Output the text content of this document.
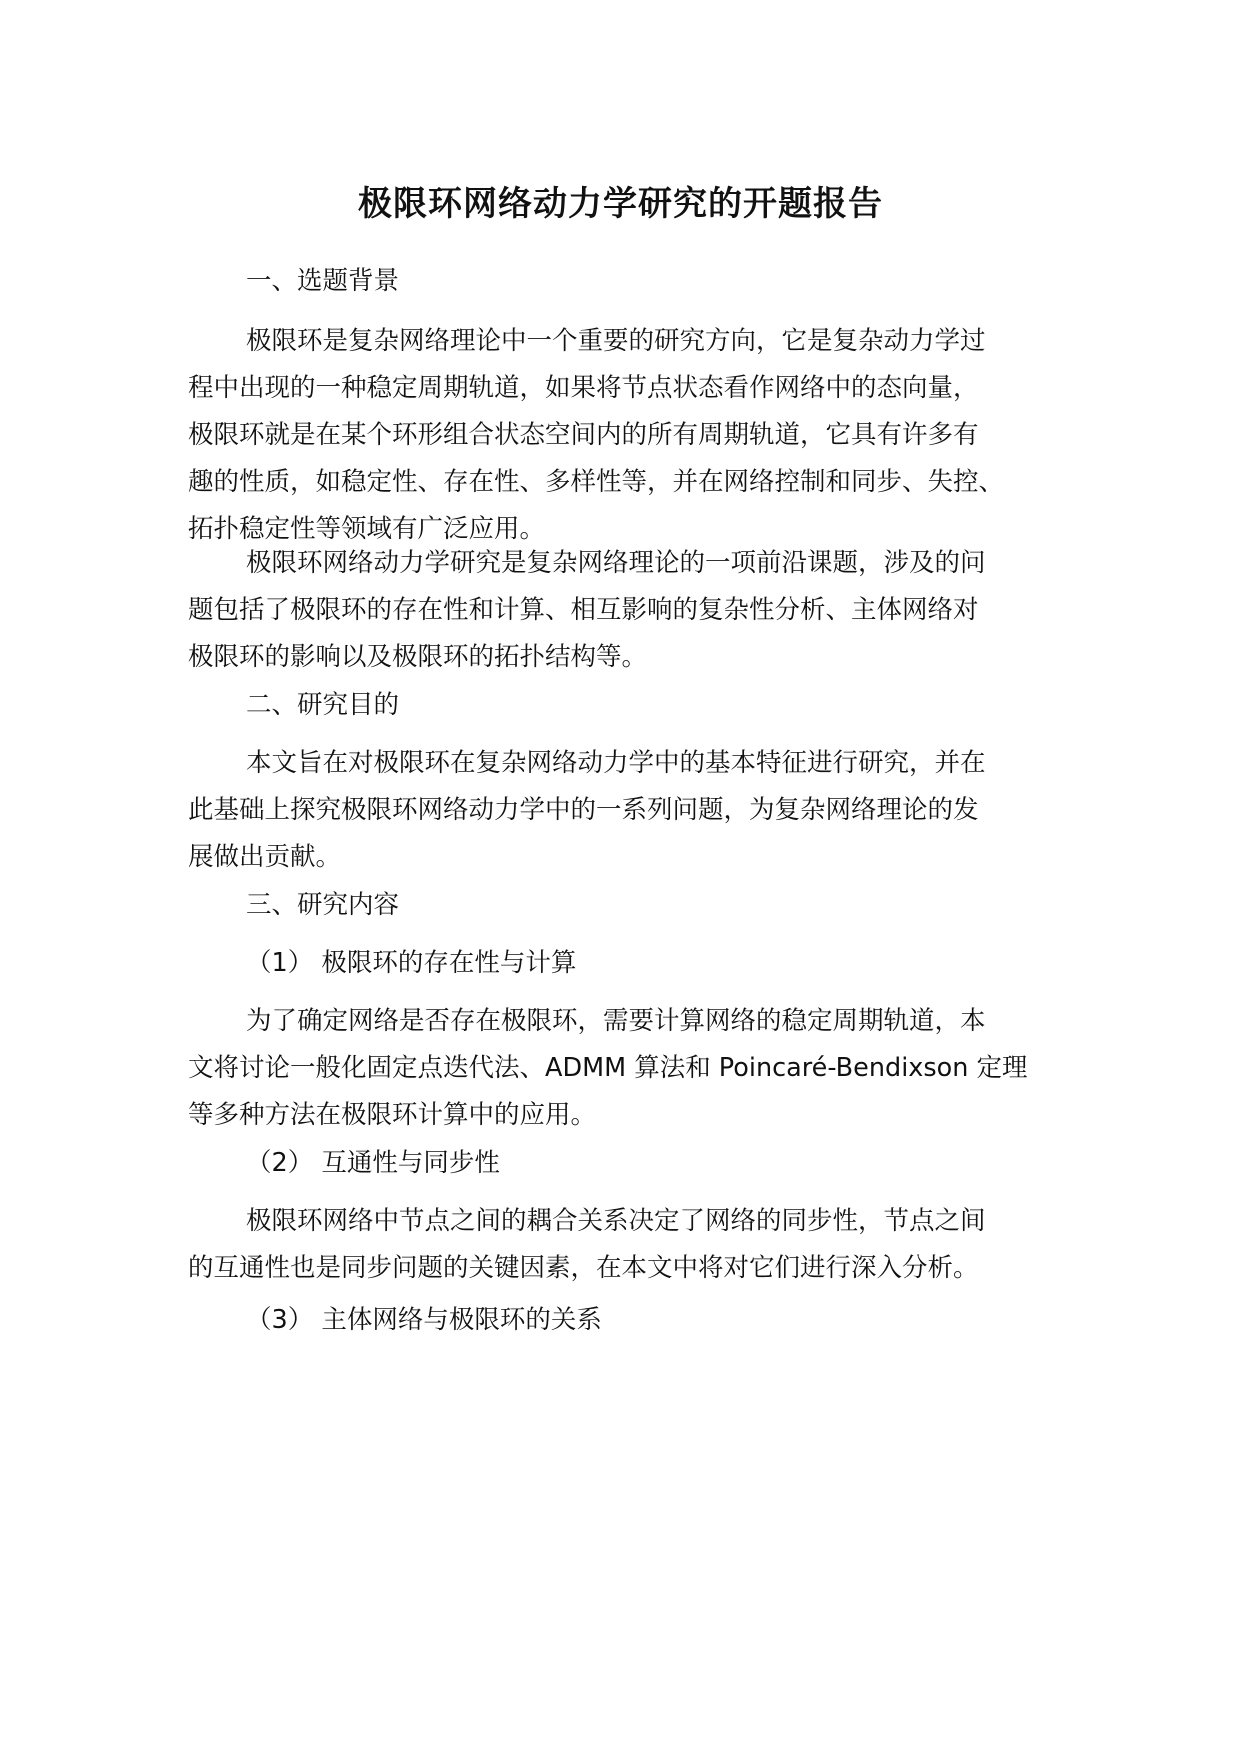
极限环网络动力学研究的开题报告

一、选题背景

极限环是复杂网络理论中一个重要的研究方向，它是复杂动力学过
程中出现的一种稳定周期轨道，如果将节点状态看作网络中的态向量，
极限环就是在某个环形组合状态空间内的所有周期轨道，它具有许多有
趣的性质，如稳定性、存在性、多样性等，并在网络控制和同步、失控、
拓扑稳定性等领域有广泛应用。
极限环网络动力学研究是复杂网络理论的一项前沿课题，涉及的问
题包括了极限环的存在性和计算、相互影响的复杂性分析、主体网络对
极限环的影响以及极限环的拓扑结构等。

二、研究目的

本文旨在对极限环在复杂网络动力学中的基本特征进行研究，并在
此基础上探究极限环网络动力学中的一系列问题，为复杂网络理论的发
展做出贡献。

三、研究内容

（1） 极限环的存在性与计算

为了确定网络是否存在极限环，需要计算网络的稳定周期轨道，本
文将讨论一般化固定点迭代法、ADMM 算法和 Poincaré-Bendixson 定理
等多种方法在极限环计算中的应用。

（2） 互通性与同步性

极限环网络中节点之间的耦合关系决定了网络的同步性，节点之间
的互通性也是同步问题的关键因素，在本文中将对它们进行深入分析。

（3） 主体网络与极限环的关系
